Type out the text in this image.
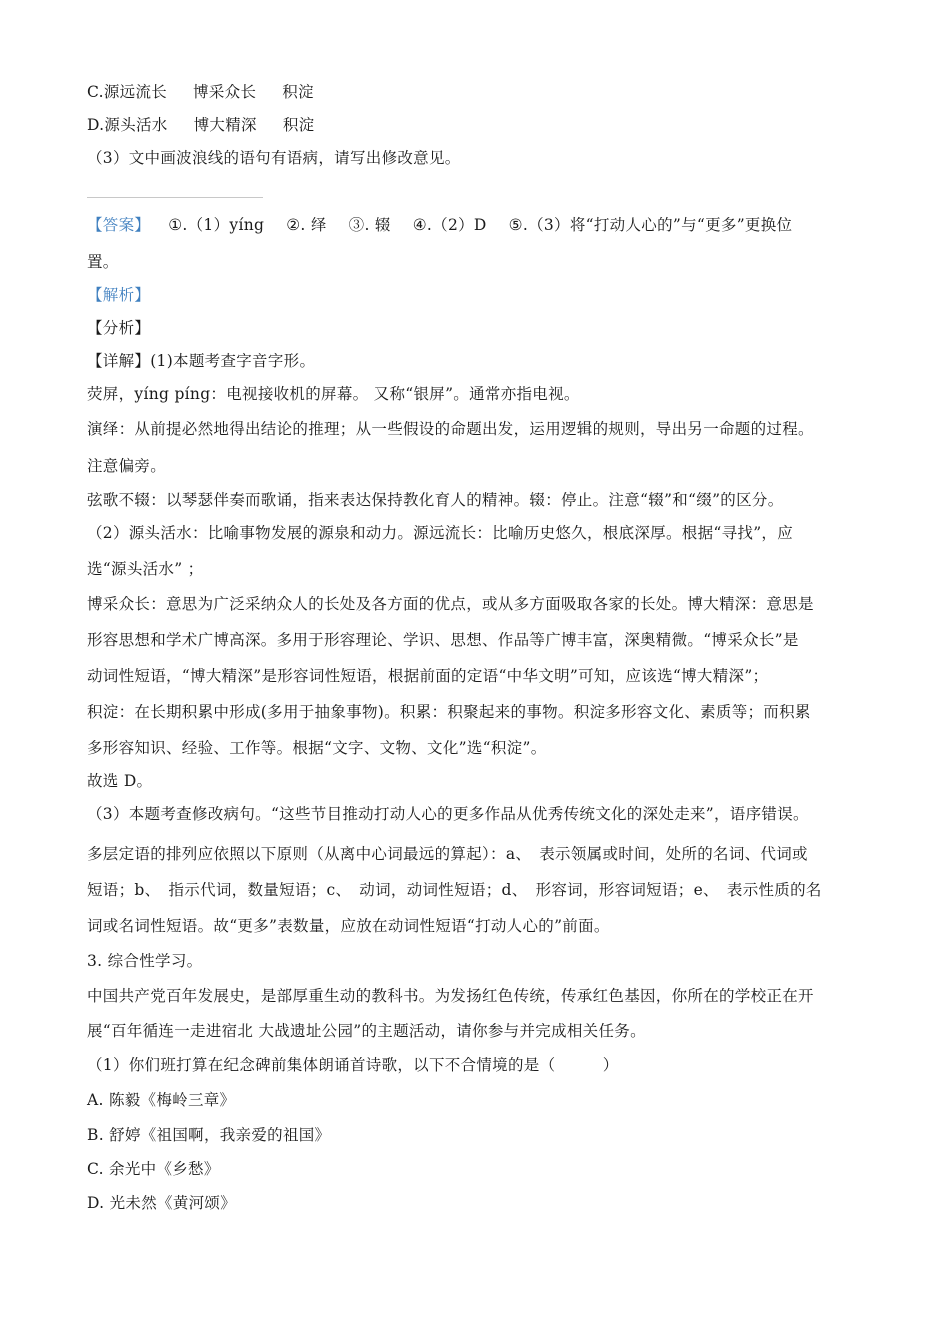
C.源远流长 博采众长 积淀
D.源头活水 博大精深 积淀
（3）文中画波浪线的语句有语病，请写出修改意见。
【答案】 ①.（1）yíng ②. 绎 ③. 辍 ④.（2）D ⑤.（3）将“打动人心的”与“更多”更换位
置。
【解析】
【分析】
【详解】(1)本题考查字音字形。
荧屏，yíng píng：电视接收机的屏幕。 又称“银屏”。通常亦指电视。
演绎：从前提必然地得出结论的推理；从一些假设的命题出发，运用逻辑的规则，导出另一命题的过程。
注意偏旁。
弦歌不辍：以琴瑟伴奏而歌诵，指来表达保持教化育人的精神。辍：停止。注意“辍”和“缀”的区分。
（2）源头活水：比喻事物发展的源泉和动力。源远流长：比喻历史悠久，根底深厚。根据“寻找”，应
选“源头活水” ；
博采众长：意思为广泛采纳众人的长处及各方面的优点，或从多方面吸取各家的长处。博大精深：意思是
形容思想和学术广博高深。多用于形容理论、学识、思想、作品等广博丰富，深奥精微。“博采众长”是
动词性短语，“博大精深”是形容词性短语，根据前面的定语“中华文明”可知，应该选“博大精深”；
积淀：在长期积累中形成(多用于抽象事物)。积累：积聚起来的事物。积淀多形容文化、素质等；而积累
多形容知识、经验、工作等。根据“文字、文物、文化”选“积淀”。
故选 D。
（3）本题考查修改病句。“这些节目推动打动人心的更多作品从优秀传统文化的深处走来”，语序错误。
多层定语的排列应依照以下原则（从离中心词最远的算起）：a、　表示领属或时间，处所的名词、代词或
短语；b、　指示代词，数量短语；c、　动词，动词性短语；d、　形容词，形容词短语；e、　表示性质的名
词或名词性短语。故“更多”表数量，应放在动词性短语“打动人心的”前面。
3. 综合性学习。
中国共产党百年发展史，是部厚重生动的教科书。为发扬红色传统，传承红色基因，你所在的学校正在开
展“百年循连一走进宿北 大战遗址公园”的主题活动，请你参与并完成相关任务。
（1）你们班打算在纪念碑前集体朗诵首诗歌，以下不合情境的是（　　　）
A. 陈毅《梅岭三章》
B. 舒婷《祖国啊，我亲爱的祖国》
C. 余光中《乡愁》
D. 光未然《黄河颂》
